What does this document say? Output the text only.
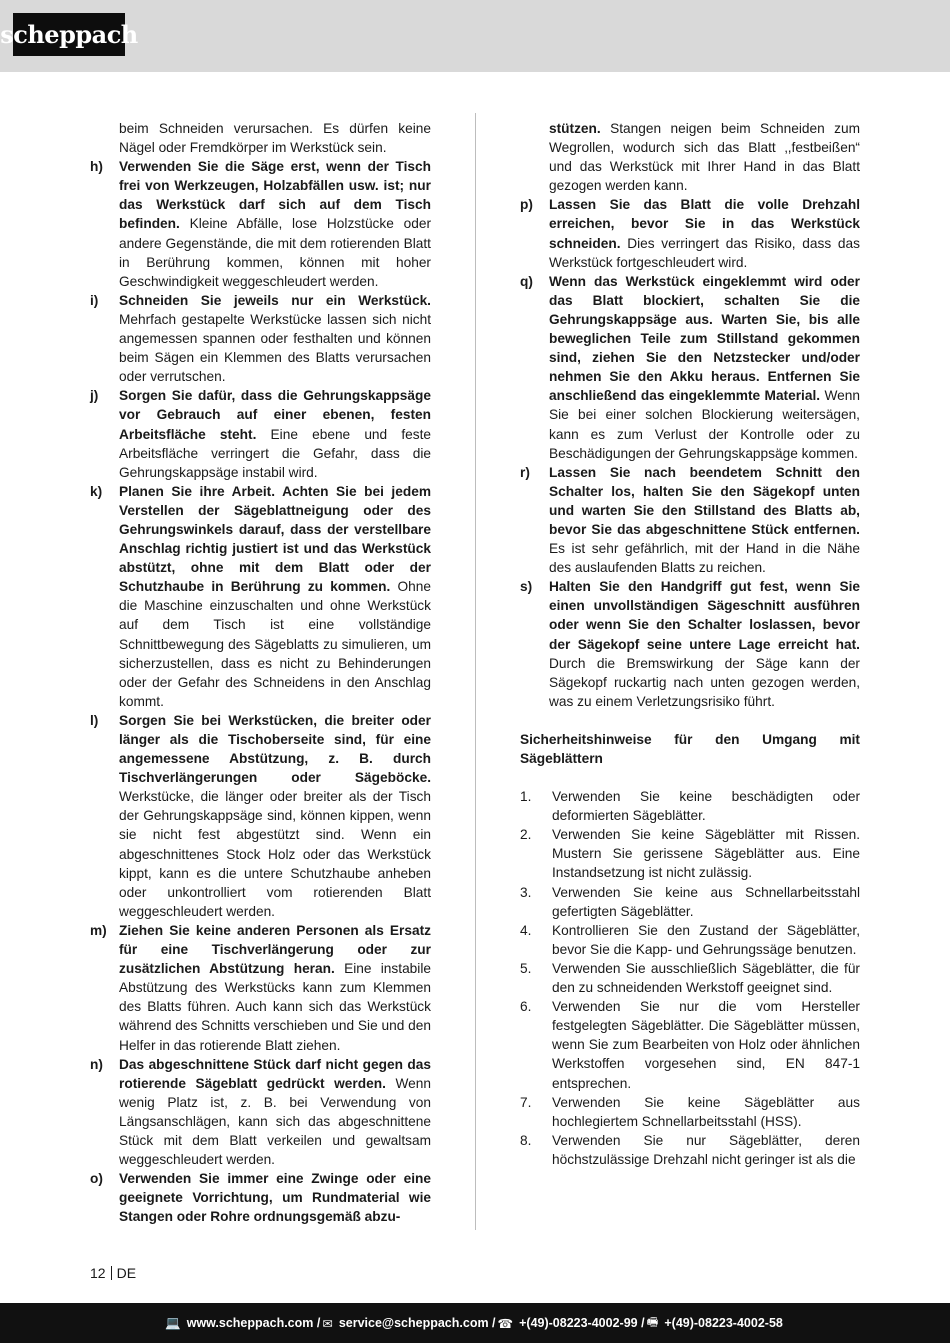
scheppach
beim Schneiden verursachen. Es dürfen keine Nägel oder Fremdkörper im Werkstück sein.
h) Verwenden Sie die Säge erst, wenn der Tisch frei von Werkzeugen, Holzabfällen usw. ist; nur das Werkstück darf sich auf dem Tisch befinden. Kleine Abfälle, lose Holzstücke oder andere Gegenstände, die mit dem rotierenden Blatt in Berührung kommen, können mit hoher Geschwindigkeit weggeschleudert werden.
i) Schneiden Sie jeweils nur ein Werkstück. Mehrfach gestapelte Werkstücke lassen sich nicht angemessen spannen oder festhalten und können beim Sägen ein Klemmen des Blatts verursachen oder verrutschen.
j) Sorgen Sie dafür, dass die Gehrungskappsäge vor Gebrauch auf einer ebenen, festen Arbeitsfläche steht. Eine ebene und feste Arbeitsfläche verringert die Gefahr, dass die Gehrungskappsäge instabil wird.
k) Planen Sie ihre Arbeit. Achten Sie bei jedem Verstellen der Sägeblattneigung oder des Gehrungswinkels darauf, dass der verstellbare Anschlag richtig justiert ist und das Werkstück abstützt, ohne mit dem Blatt oder der Schutzhaube in Berührung zu kommen. Ohne die Maschine einzuschalten und ohne Werkstück auf dem Tisch ist eine vollständige Schnittbewegung des Sägeblatts zu simulieren, um sicherzustellen, dass es nicht zu Behinderungen oder der Gefahr des Schneidens in den Anschlag kommt.
l) Sorgen Sie bei Werkstücken, die breiter oder länger als die Tischoberseite sind, für eine angemessene Abstützung, z. B. durch Tischverlängerungen oder Sägeböcke. Werkstücke, die länger oder breiter als der Tisch der Gehrungskappsäge sind, können kippen, wenn sie nicht fest abgestützt sind. Wenn ein abgeschnittenes Stock Holz oder das Werkstück kippt, kann es die untere Schutzhaube anheben oder unkontrolliert vom rotierenden Blatt weggeschleudert werden.
m) Ziehen Sie keine anderen Personen als Ersatz für eine Tischverlängerung oder zur zusätzlichen Abstützung heran. Eine instabile Abstützung des Werkstücks kann zum Klemmen des Blatts führen. Auch kann sich das Werkstück während des Schnitts verschieben und Sie und den Helfer in das rotierende Blatt ziehen.
n) Das abgeschnittene Stück darf nicht gegen das rotierende Sägeblatt gedrückt werden. Wenn wenig Platz ist, z. B. bei Verwendung von Längsanschlägen, kann sich das abgeschnittene Stück mit dem Blatt verkeilen und gewaltsam weggeschleudert werden.
o) Verwenden Sie immer eine Zwinge oder eine geeignete Vorrichtung, um Rundmaterial wie Stangen oder Rohre ordnungsgemäß abzu-
stützen. Stangen neigen beim Schneiden zum Wegrollen, wodurch sich das Blatt ‚,festbeißen“ und das Werkstück mit Ihrer Hand in das Blatt gezogen werden kann.
p) Lassen Sie das Blatt die volle Drehzahl erreichen, bevor Sie in das Werkstück schneiden. Dies verringert das Risiko, dass das Werkstück fortgeschleudert wird.
q) Wenn das Werkstück eingeklemmt wird oder das Blatt blockiert, schalten Sie die Gehrungskappsäge aus. Warten Sie, bis alle beweglichen Teile zum Stillstand gekommen sind, ziehen Sie den Netzstecker und/oder nehmen Sie den Akku heraus. Entfernen Sie anschließend das eingeklemmte Material. Wenn Sie bei einer solchen Blockierung weitersägen, kann es zum Verlust der Kontrolle oder zu Beschädigungen der Gehrungskappsäge kommen.
r) Lassen Sie nach beendetem Schnitt den Schalter los, halten Sie den Sägekopf unten und warten Sie den Stillstand des Blatts ab, bevor Sie das abgeschnittene Stück entfernen. Es ist sehr gefährlich, mit der Hand in die Nähe des auslaufenden Blatts zu reichen.
s) Halten Sie den Handgriff gut fest, wenn Sie einen unvollständigen Sägeschnitt ausführen oder wenn Sie den Schalter loslassen, bevor der Sägekopf seine untere Lage erreicht hat. Durch die Bremswirkung der Säge kann der Sägekopf ruckartig nach unten gezogen werden, was zu einem Verletzungsrisiko führt.
Sicherheitshinweise für den Umgang mit Sägeblättern
1. Verwenden Sie keine beschädigten oder deformierten Sägeblätter.
2. Verwenden Sie keine Sägeblätter mit Rissen. Mustern Sie gerissene Sägeblätter aus. Eine Instandsetzung ist nicht zulässig.
3. Verwenden Sie keine aus Schnellarbeitsstahl gefertigten Sägeblätter.
4. Kontrollieren Sie den Zustand der Sägeblätter, bevor Sie die Kapp- und Gehrungssäge benutzen.
5. Verwenden Sie ausschließlich Sägeblätter, die für den zu schneidenden Werkstoff geeignet sind.
6. Verwenden Sie nur die vom Hersteller festgelegten Sägeblätter. Die Sägeblätter müssen, wenn Sie zum Bearbeiten von Holz oder ähnlichen Werkstoffen vorgesehen sind, EN 847-1 entsprechen.
7. Verwenden Sie keine Sägeblätter aus hochlegiertem Schnellarbeitsstahl (HSS).
8. Verwenden Sie nur Sägeblätter, deren höchstzulässige Drehzahl nicht geringer ist als die
12 DE
💻 www.scheppach.com / ✉ service@scheppach.com / ☎ +(49)-08223-4002-99 / 🖷 +(49)-08223-4002-58
